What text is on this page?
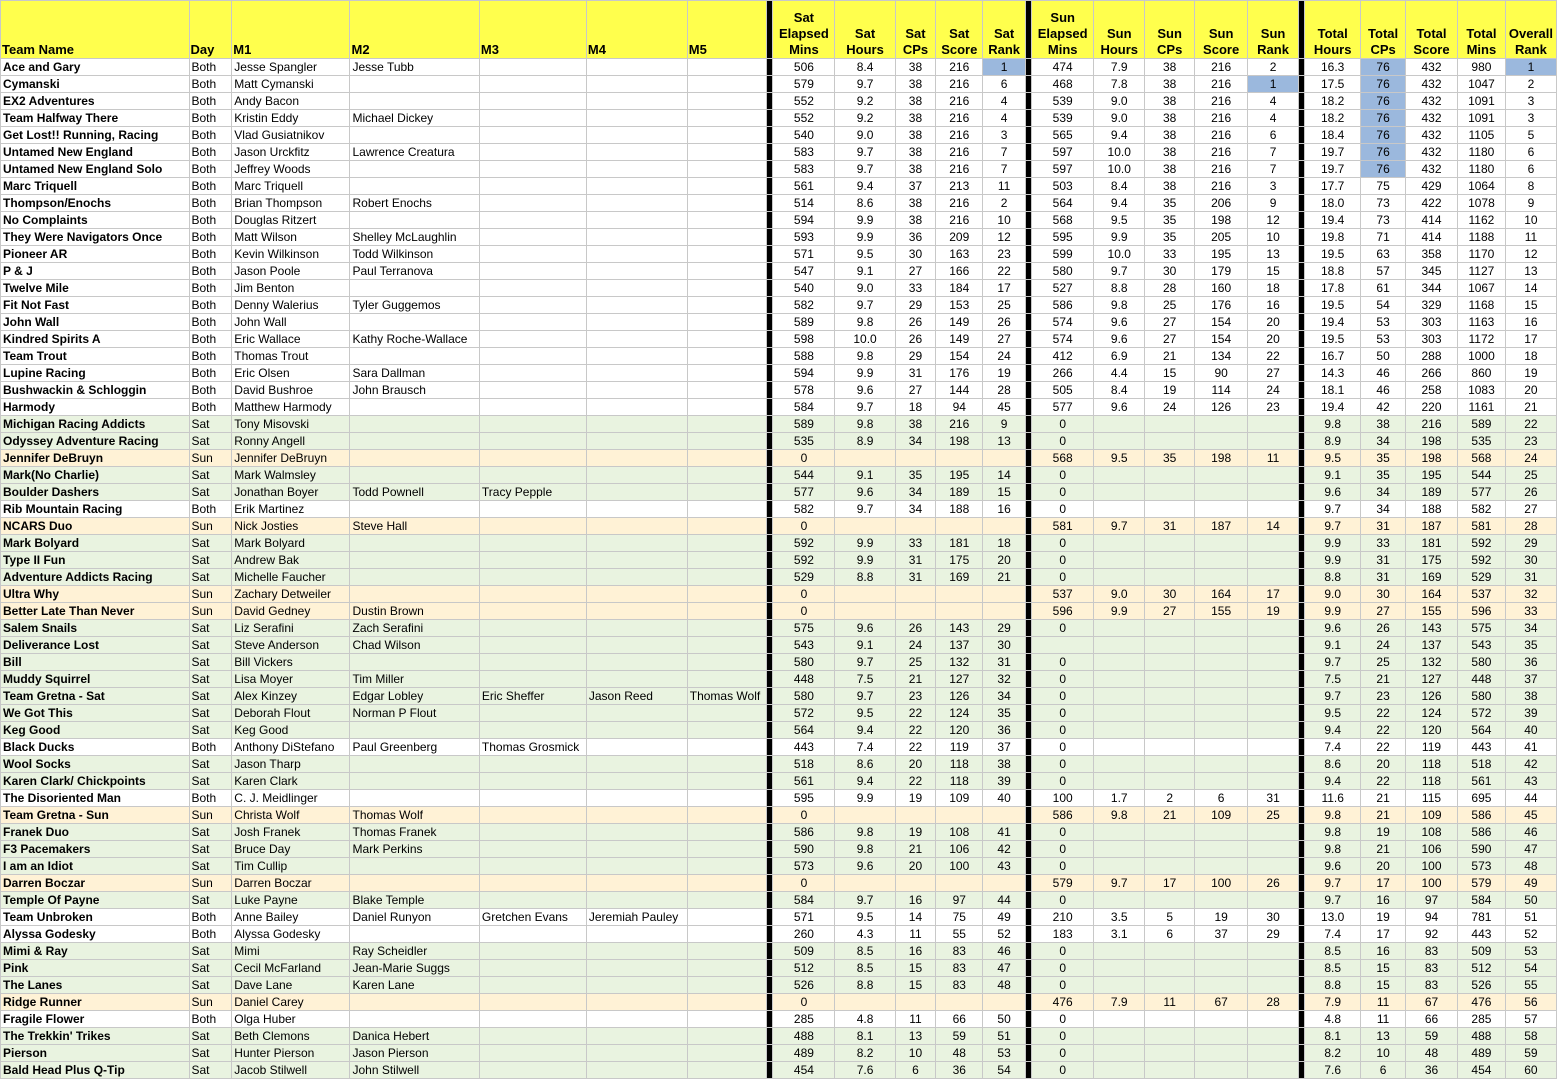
Team Name	Day	M1	M2	M3	M4	M5		Sat Elapsed Mins	Sat Hours	Sat CPs	Sat Score	Sat Rank		Sun Elapsed Mins	Sun Hours	Sun CPs	Sun Score	Sun Rank		Total Hours	Total CPs	Total Score	Total Mins	Overall Rank
Ace and Gary	Both	Jesse Spangler	Jesse Tubb					506	8.4	38	216	1		474	7.9	38	216	2		16.3	76	432	980	1
Cymanski	Both	Matt Cymanski						579	9.7	38	216	6		468	7.8	38	216	1		17.5	76	432	1047	2
EX2 Adventures	Both	Andy Bacon						552	9.2	38	216	4		539	9.0	38	216	4		18.2	76	432	1091	3
Team Halfway There	Both	Kristin Eddy	Michael Dickey					552	9.2	38	216	4		539	9.0	38	216	4		18.2	76	432	1091	3
Get Lost!! Running, Racing	Both	Vlad Gusiatnikov						540	9.0	38	216	3		565	9.4	38	216	6		18.4	76	432	1105	5
Untamed New England	Both	Jason Urckfitz	Lawrence Creatura					583	9.7	38	216	7		597	10.0	38	216	7		19.7	76	432	1180	6
Untamed New England Solo	Both	Jeffrey Woods						583	9.7	38	216	7		597	10.0	38	216	7		19.7	76	432	1180	6
Marc Triquell	Both	Marc Triquell						561	9.4	37	213	11		503	8.4	38	216	3		17.7	75	429	1064	8
Thompson/Enochs	Both	Brian Thompson	Robert Enochs					514	8.6	38	216	2		564	9.4	35	206	9		18.0	73	422	1078	9
No Complaints	Both	Douglas Ritzert						594	9.9	38	216	10		568	9.5	35	198	12		19.4	73	414	1162	10
They Were Navigators Once	Both	Matt Wilson	Shelley McLaughlin					593	9.9	36	209	12		595	9.9	35	205	10		19.8	71	414	1188	11
Pioneer AR	Both	Kevin Wilkinson	Todd Wilkinson					571	9.5	30	163	23		599	10.0	33	195	13		19.5	63	358	1170	12
P & J	Both	Jason Poole	Paul Terranova					547	9.1	27	166	22		580	9.7	30	179	15		18.8	57	345	1127	13
Twelve Mile	Both	Jim Benton						540	9.0	33	184	17		527	8.8	28	160	18		17.8	61	344	1067	14
Fit Not Fast	Both	Denny Walerius	Tyler Guggemos					582	9.7	29	153	25		586	9.8	25	176	16		19.5	54	329	1168	15
John Wall	Both	John Wall						589	9.8	26	149	26		574	9.6	27	154	20		19.4	53	303	1163	16
Kindred Spirits A	Both	Eric Wallace	Kathy Roche-Wallace					598	10.0	26	149	27		574	9.6	27	154	20		19.5	53	303	1172	17
Team Trout	Both	Thomas Trout						588	9.8	29	154	24		412	6.9	21	134	22		16.7	50	288	1000	18
Lupine Racing	Both	Eric Olsen	Sara Dallman					594	9.9	31	176	19		266	4.4	15	90	27		14.3	46	266	860	19
Bushwackin & Schloggin	Both	David Bushroe	John Brausch					578	9.6	27	144	28		505	8.4	19	114	24		18.1	46	258	1083	20
Harmody	Both	Matthew Harmody						584	9.7	18	94	45		577	9.6	24	126	23		19.4	42	220	1161	21
Michigan Racing Addicts	Sat	Tony Misovski						589	9.8	38	216	9		0						9.8	38	216	589	22
Odyssey Adventure Racing	Sat	Ronny Angell						535	8.9	34	198	13		0						8.9	34	198	535	23
Jennifer DeBruyn	Sun	Jennifer DeBruyn						0						568	9.5	35	198	11		9.5	35	198	568	24
Mark(No Charlie)	Sat	Mark Walmsley						544	9.1	35	195	14		0						9.1	35	195	544	25
Boulder Dashers	Sat	Jonathan Boyer	Todd Pownell	Tracy Pepple				577	9.6	34	189	15		0						9.6	34	189	577	26
Rib Mountain Racing	Both	Erik Martinez						582	9.7	34	188	16		0						9.7	34	188	582	27
NCARS Duo	Sun	Nick Josties	Steve Hall					0						581	9.7	31	187	14		9.7	31	187	581	28
Mark Bolyard	Sat	Mark Bolyard						592	9.9	33	181	18		0						9.9	33	181	592	29
Type II Fun	Sat	Andrew Bak						592	9.9	31	175	20		0						9.9	31	175	592	30
Adventure Addicts Racing	Sat	Michelle Faucher						529	8.8	31	169	21		0						8.8	31	169	529	31
Ultra Why	Sun	Zachary Detweiler						0						537	9.0	30	164	17		9.0	30	164	537	32
Better Late Than Never	Sun	David Gedney	Dustin Brown					0						596	9.9	27	155	19		9.9	27	155	596	33
Salem Snails	Sat	Liz Serafini	Zach Serafini					575	9.6	26	143	29		0						9.6	26	143	575	34
Deliverance Lost	Sat	Steve Anderson	Chad Wilson					543	9.1	24	137	30								9.1	24	137	543	35
Bill	Sat	Bill Vickers						580	9.7	25	132	31		0						9.7	25	132	580	36
Muddy Squirrel	Sat	Lisa Moyer	Tim Miller					448	7.5	21	127	32		0						7.5	21	127	448	37
Team Gretna - Sat	Sat	Alex Kinzey	Edgar Lobley	Eric Sheffer	Jason Reed	Thomas Wolf		580	9.7	23	126	34		0						9.7	23	126	580	38
We Got This	Sat	Deborah Flout	Norman P Flout					572	9.5	22	124	35		0						9.5	22	124	572	39
Keg Good	Sat	Keg Good						564	9.4	22	120	36		0						9.4	22	120	564	40
Black Ducks	Both	Anthony DiStefano	Paul Greenberg	Thomas Grosmick				443	7.4	22	119	37		0						7.4	22	119	443	41
Wool Socks	Sat	Jason Tharp						518	8.6	20	118	38		0						8.6	20	118	518	42
Karen Clark/ Chickpoints	Sat	Karen Clark						561	9.4	22	118	39		0						9.4	22	118	561	43
The Disoriented Man	Both	C. J. Meidlinger						595	9.9	19	109	40		100	1.7	2	6	31		11.6	21	115	695	44
Team Gretna - Sun	Sun	Christa Wolf	Thomas Wolf					0						586	9.8	21	109	25		9.8	21	109	586	45
Franek Duo	Sat	Josh Franek	Thomas Franek					586	9.8	19	108	41		0						9.8	19	108	586	46
F3 Pacemakers	Sat	Bruce Day	Mark Perkins					590	9.8	21	106	42		0						9.8	21	106	590	47
I am an Idiot	Sat	Tim Cullip						573	9.6	20	100	43		0						9.6	20	100	573	48
Darren Boczar	Sun	Darren Boczar						0						579	9.7	17	100	26		9.7	17	100	579	49
Temple Of Payne	Sat	Luke Payne	Blake Temple					584	9.7	16	97	44		0						9.7	16	97	584	50
Team Unbroken	Both	Anne Bailey	Daniel Runyon	Gretchen Evans	Jeremiah Pauley			571	9.5	14	75	49		210	3.5	5	19	30		13.0	19	94	781	51
Alyssa Godesky	Both	Alyssa Godesky						260	4.3	11	55	52		183	3.1	6	37	29		7.4	17	92	443	52
Mimi & Ray	Sat	Mimi	Ray Scheidler					509	8.5	16	83	46		0						8.5	16	83	509	53
Pink	Sat	Cecil McFarland	Jean-Marie Suggs					512	8.5	15	83	47		0						8.5	15	83	512	54
The Lanes	Sat	Dave Lane	Karen Lane					526	8.8	15	83	48		0						8.8	15	83	526	55
Ridge Runner	Sun	Daniel Carey						0						476	7.9	11	67	28		7.9	11	67	476	56
Fragile Flower	Both	Olga Huber						285	4.8	11	66	50		0						4.8	11	66	285	57
The Trekkin' Trikes	Sat	Beth Clemons	Danica Hebert					488	8.1	13	59	51		0						8.1	13	59	488	58
Pierson	Sat	Hunter Pierson	Jason Pierson					489	8.2	10	48	53		0						8.2	10	48	489	59
Bald Head Plus Q-Tip	Sat	Jacob Stilwell	John Stilwell					454	7.6	6	36	54		0						7.6	6	36	454	60
